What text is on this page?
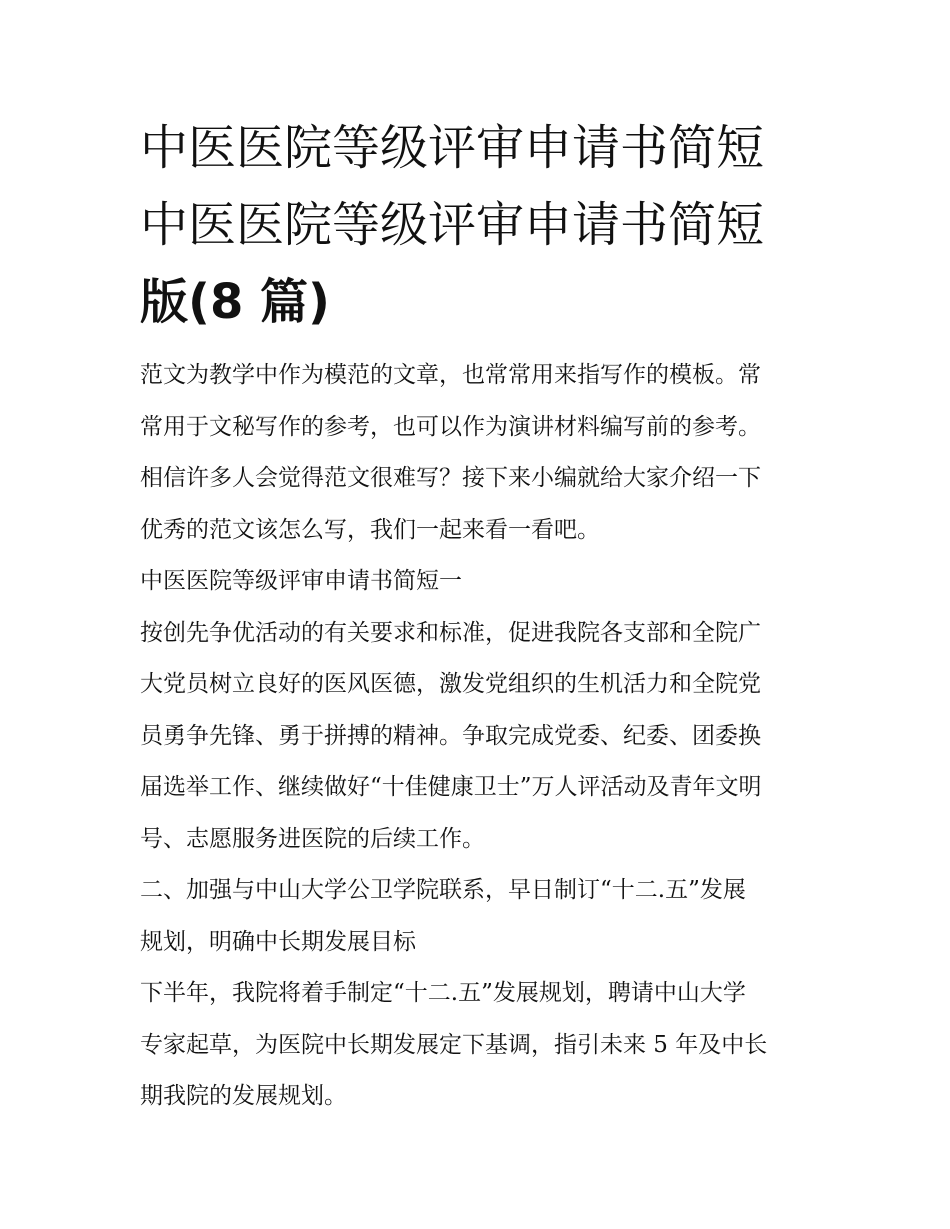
中医医院等级评审申请书简短
中医医院等级评审申请书简短
版(8 篇)
范文为教学中作为模范的文章，也常常用来指写作的模板。常
常用于文秘写作的参考，也可以作为演讲材料编写前的参考。
相信许多人会觉得范文很难写？接下来小编就给大家介绍一下
优秀的范文该怎么写，我们一起来看一看吧。
中医医院等级评审申请书简短一
按创先争优活动的有关要求和标准，促进我院各支部和全院广
大党员树立良好的医风医德，激发党组织的生机活力和全院党
员勇争先锋、勇于拼搏的精神。争取完成党委、纪委、团委换
届选举工作、继续做好“十佳健康卫士”万人评活动及青年文明
号、志愿服务进医院的后续工作。
二、加强与中山大学公卫学院联系，早日制订“十二.五”发展
规划，明确中长期发展目标
下半年，我院将着手制定“十二.五”发展规划，聘请中山大学
专家起草，为医院中长期发展定下基调，指引未来 5 年及中长
期我院的发展规划。
